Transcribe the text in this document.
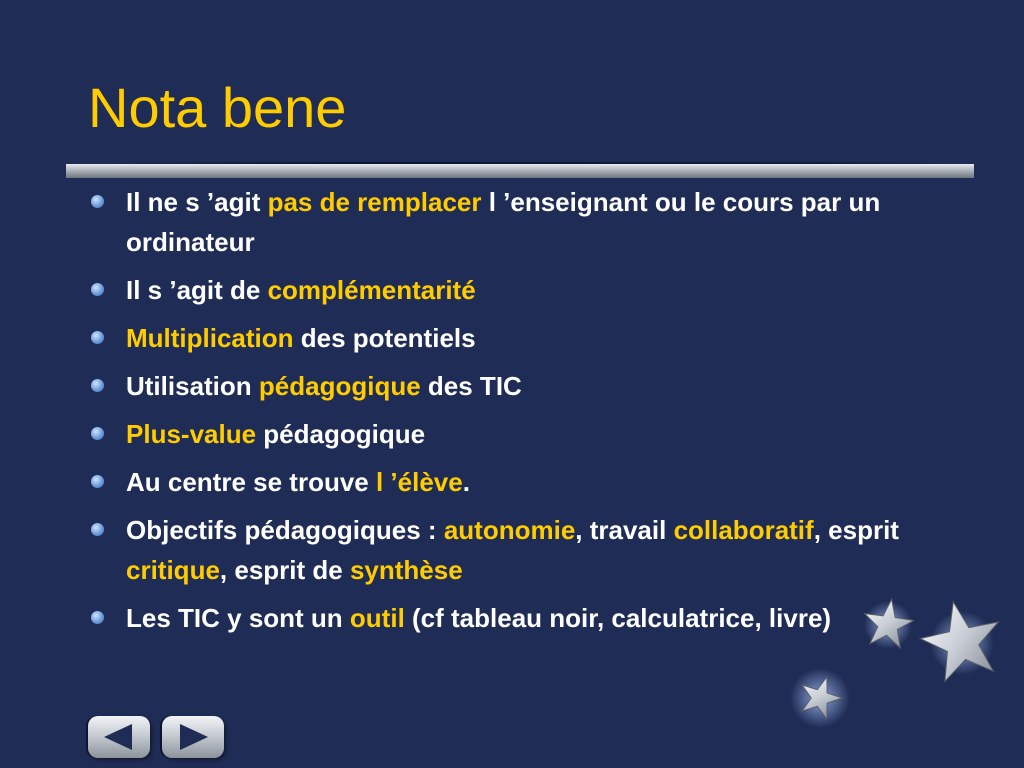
Nota bene
Il ne s ’agit pas de remplacer l ’enseignant ou le cours par un ordinateur
Il s ’agit de complémentarité
Multiplication des potentiels
Utilisation pédagogique des TIC
Plus-value pédagogique
Au centre se trouve l ’élève.
Objectifs pédagogiques : autonomie, travail collaboratif, esprit critique, esprit de synthèse
Les TIC y sont un outil (cf tableau noir, calculatrice, livre)
